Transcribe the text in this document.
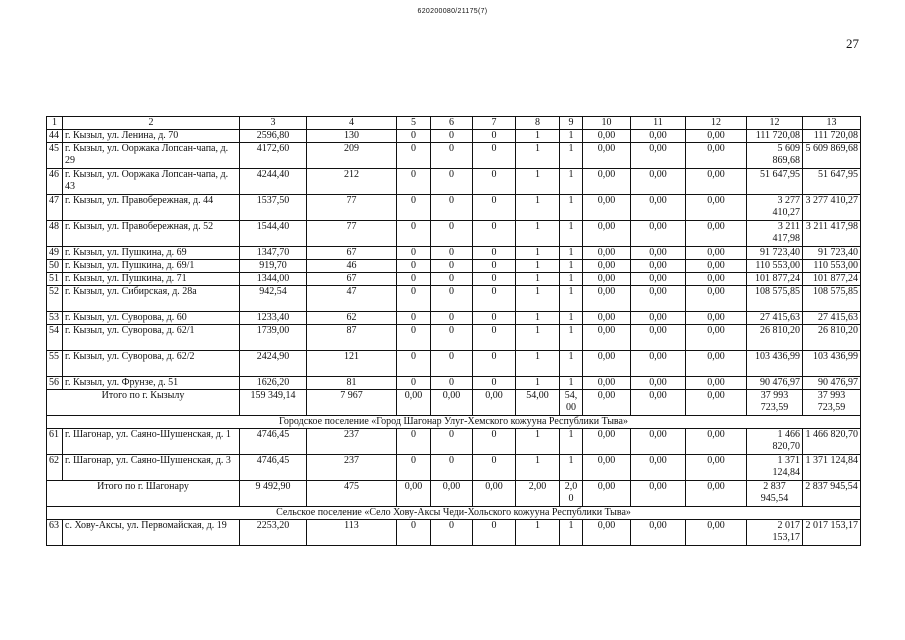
620200080/21175(7)
27
1	2	3	4	5	6	7	8	9	10	11	12	12	13
44	г. Кызыл, ул. Ленина, д. 70	2596,80	130	0	0	0	1	1	0,00	0,00	0,00	111 720,08	111 720,08
45	г. Кызыл, ул. Ооржака Лопсан-чапа, д. 29	4172,60	209	0	0	0	1	1	0,00	0,00	0,00	5 609 869,68	5 609 869,68
46	г. Кызыл, ул. Ооржака Лопсан-чапа, д. 43	4244,40	212	0	0	0	1	1	0,00	0,00	0,00	51 647,95	51 647,95
47	г. Кызыл, ул. Правобережная, д. 44	1537,50	77	0	0	0	1	1	0,00	0,00	0,00	3 277 410,27	3 277 410,27
48	г. Кызыл, ул. Правобережная, д. 52	1544,40	77	0	0	0	1	1	0,00	0,00	0,00	3 211 417,98	3 211 417,98
49	г. Кызыл, ул. Пушкина, д. 69	1347,70	67	0	0	0	1	1	0,00	0,00	0,00	91 723,40	91 723,40
50	г. Кызыл, ул. Пушкина, д. 69/1	919,70	46	0	0	0	1	1	0,00	0,00	0,00	110 553,00	110 553,00
51	г. Кызыл, ул. Пушкина, д. 71	1344,00	67	0	0	0	1	1	0,00	0,00	0,00	101 877,24	101 877,24
52	г. Кызыл, ул. Сибирская, д. 28а	942,54	47	0	0	0	1	1	0,00	0,00	0,00	108 575,85	108 575,85
53	г. Кызыл, ул. Суворова, д. 60	1233,40	62	0	0	0	1	1	0,00	0,00	0,00	27 415,63	27 415,63
54	г. Кызыл, ул. Суворова, д. 62/1	1739,00	87	0	0	0	1	1	0,00	0,00	0,00	26 810,20	26 810,20
55	г. Кызыл, ул. Суворова, д. 62/2	2424,90	121	0	0	0	1	1	0,00	0,00	0,00	103 436,99	103 436,99
56	г. Кызыл, ул. Фрунзе, д. 51	1626,20	81	0	0	0	1	1	0,00	0,00	0,00	90 476,97	90 476,97
Итого по г. Кызылу		159 349,14	7 967	0,00	0,00	0,00	54,00	54, 00	0,00	0,00	0,00	37 993 723,59	37 993 723,59
Городское поселение «Город Шагонар Улуг-Хемского кожууна Республики Тыва»													
61	г. Шагонар, ул. Саяно-Шушенская, д. 1	4746,45	237	0	0	0	1	1	0,00	0,00	0,00	1 466 820,70	1 466 820,70
62	г. Шагонар, ул. Саяно-Шушенская, д. 3	4746,45	237	0	0	0	1	1	0,00	0,00	0,00	1 371 124,84	1 371 124,84
Итого по г. Шагонару		9 492,90	475	0,00	0,00	0,00	2,00	2,0 0	0,00	0,00	0,00	2 837 945,54	2 837 945,54
Сельское поселение «Село Хову-Аксы Чеди-Хольского кожууна Республики Тыва»													
63	с. Хову-Аксы, ул. Первомайская, д. 19	2253,20	113	0	0	0	1	1	0,00	0,00	0,00	2 017 153,17	2 017 153,17
